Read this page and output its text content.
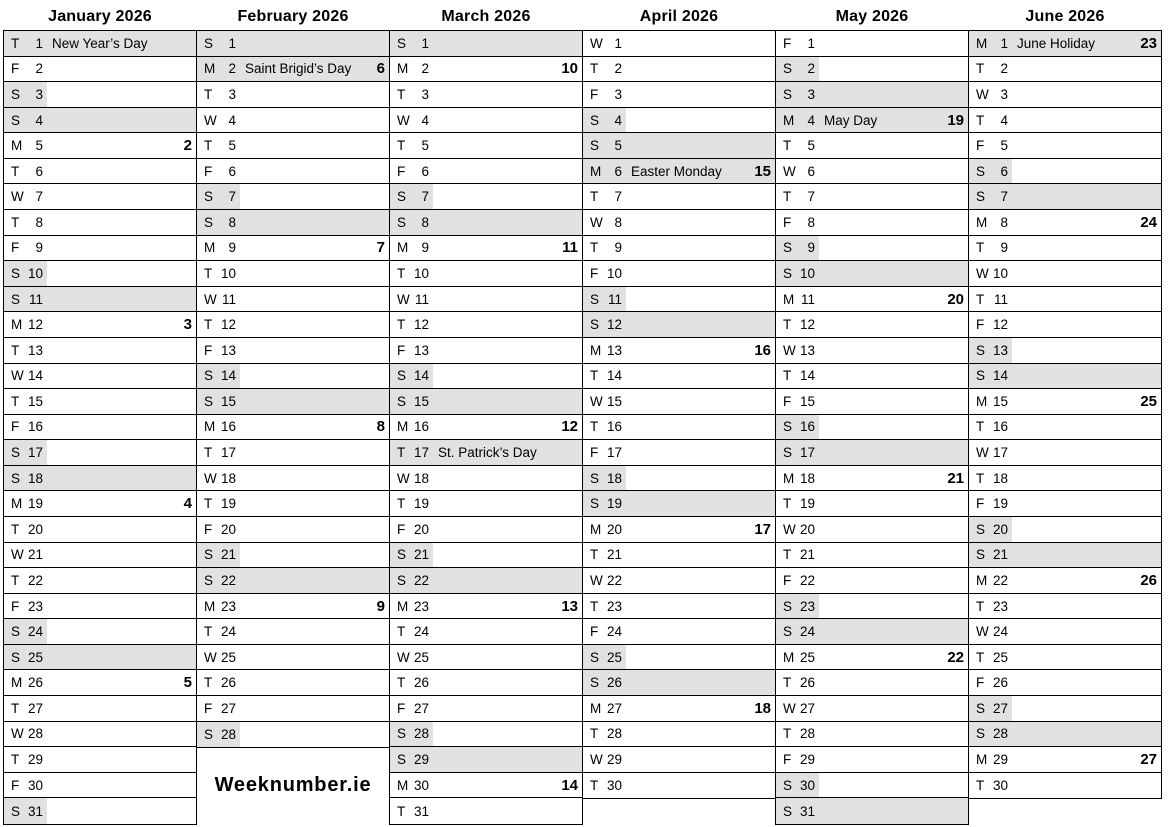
January 2026
T	1 New Year’s Day
F	2
S	3
S	4
M 5	2
T	6
W 7
T	8
F	9
S 10
S 11
M 12	3
T 13
W 14
T 15
F 16
S 17
S 18
M 19	4
T 20
W 21
T 22
F 23
S 24
S 25
M 26	5
T 27
W 28
T 29
F 30
S 31
February 2026
S	1
M 2 Saint Brigid’s Day	6
T	3
W 4
T	5
F	6
S	7
S	8
M 9	7
T 10
W 11
T 12
F 13
S 14
S 15
M 16	8
T 17
W 18
T 19
F 20
S 21
S 22
M 23	9
T 24
W 25
T 26
F 27
S 28
Weeknumber.ie
March 2026
S	1
M 2	10
T	3
W 4
T	5
F	6
S	7
S	8
M 9	11
T 10
W 11
T 12
F 13
S 14
S 15
M 16	12
T 17 St. Patrick’s Day
W 18
T 19
F 20
S 21
S 22
M 23	13
T 24
W 25
T 26
F 27
S 28
S 29
M 30	14
T 31
April 2026
W 1
T	2
F	3
S	4
S	5
M 6 Easter Monday	15
T	7
W 8
T	9
F 10
S 11
S 12
M 13	16
T 14
W 15
T 16
F 17
S 18
S 19
M 20	17
T 21
W 22
T 23
F 24
S 25
S 26
M 27	18
T 28
W 29
T 30
May 2026
F	1
S	2
S	3
M 4 May Day	19
T	5
W 6
T	7
F	8
S	9
S 10
M 11	20
T 12
W 13
T 14
F 15
S 16
S 17
M 18	21
T 19
W 20
T 21
F 22
S 23
S 24
M 25	22
T 26
W 27
T 28
F 29
S 30
S 31
June 2026
M 1 June Holiday	23
T	2
W 3
T	4
F	5
S	6
S	7
M 8	24
T	9
W 10
T 11
F 12
S 13
S 14
M 15	25
T 16
W 17
T 18
F 19
S 20
S 21
M 22	26
T 23
W 24
T 25
F 26
S 27
S 28
M 29	27
T 30
